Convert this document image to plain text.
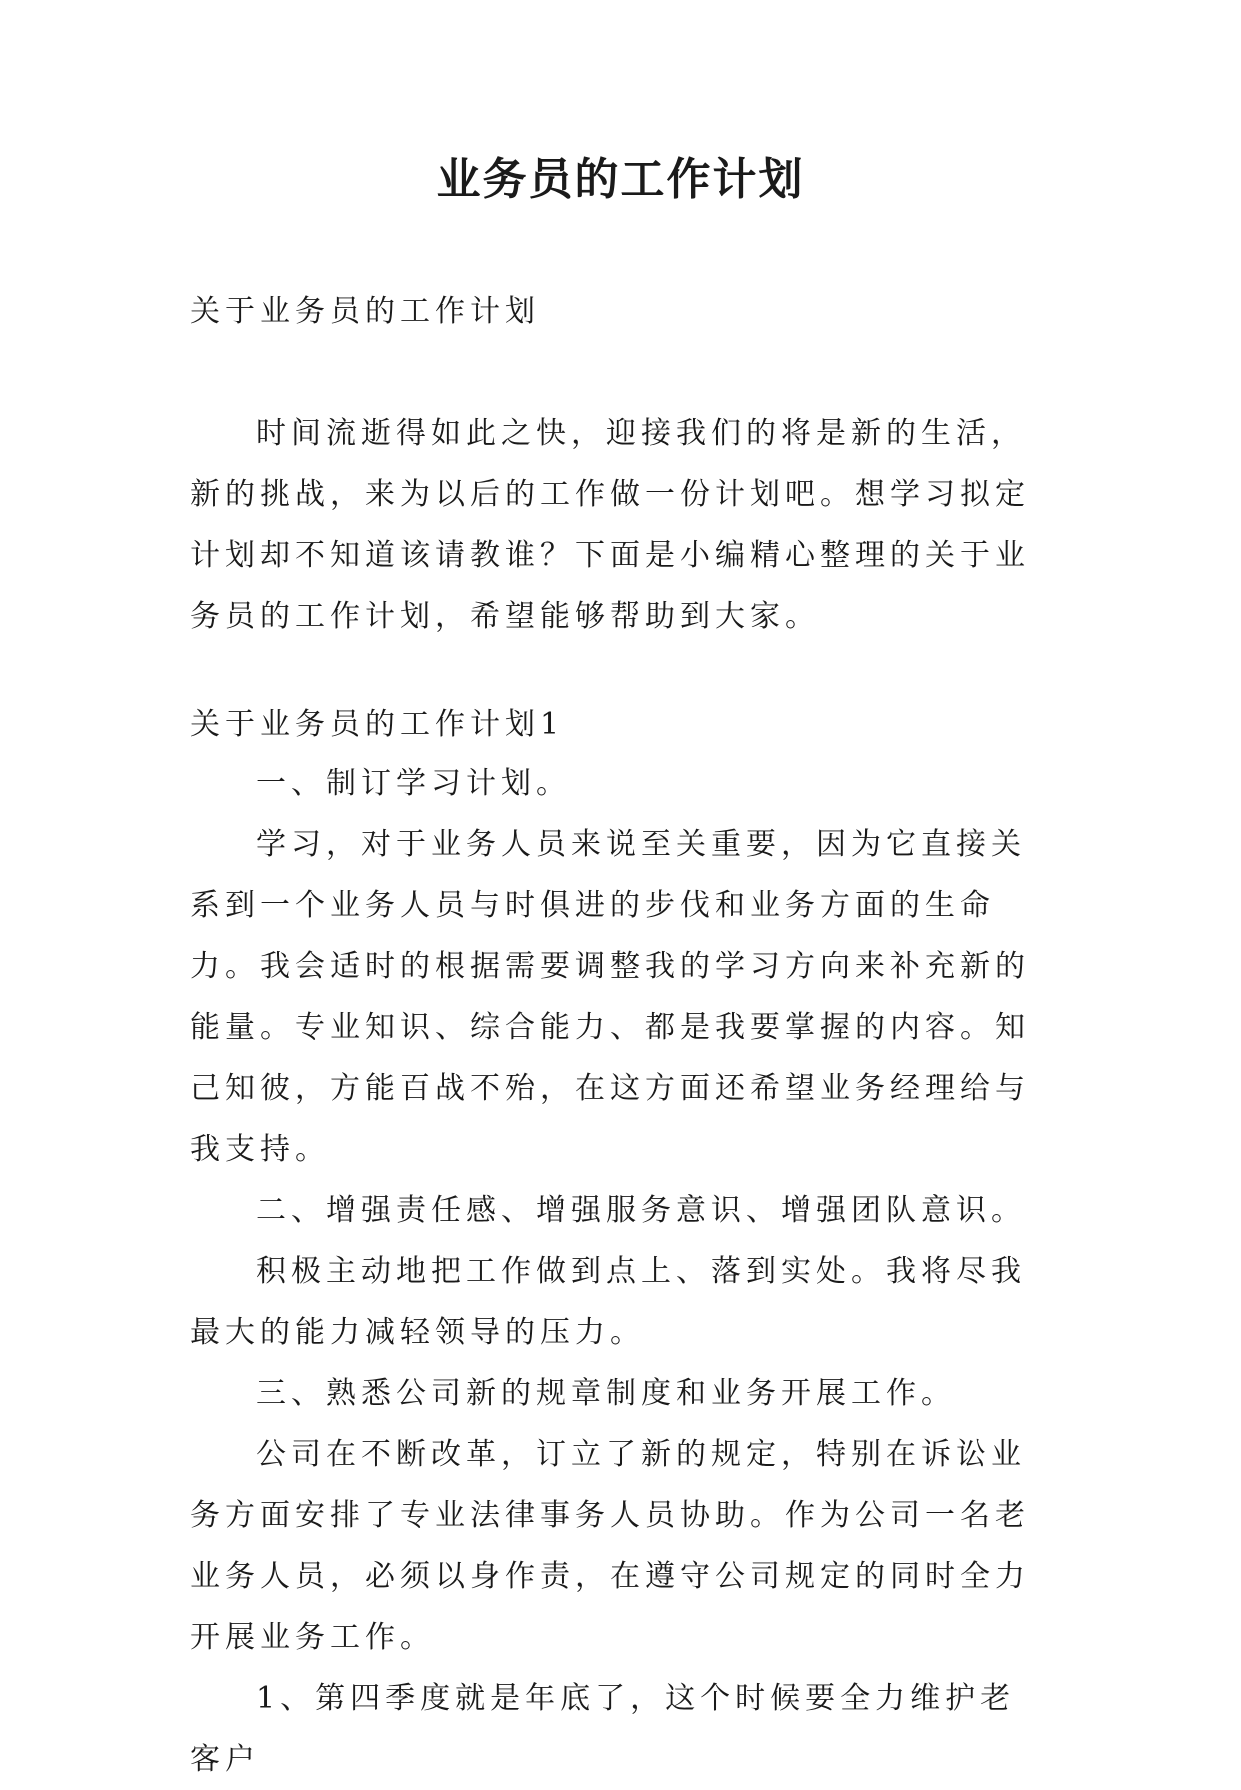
业务员的工作计划
关于业务员的工作计划

时间流逝得如此之快，迎接我们的将是新的生活，新的挑战，来为以后的工作做一份计划吧。想学习拟定计划却不知道该请教谁？下面是小编精心整理的关于业务员的工作计划，希望能够帮助到大家。

关于业务员的工作计划1

一、制订学习计划。

学习，对于业务人员来说至关重要，因为它直接关系到一个业务人员与时俱进的步伐和业务方面的生命力。我会适时的根据需要调整我的学习方向来补充新的能量。专业知识、综合能力、都是我要掌握的内容。知己知彼，方能百战不殆，在这方面还希望业务经理给与我支持。

二、增强责任感、增强服务意识、增强团队意识。

积极主动地把工作做到点上、落到实处。我将尽我最大的能力减轻领导的压力。

三、熟悉公司新的规章制度和业务开展工作。

公司在不断改革，订立了新的规定，特别在诉讼业务方面安排了专业法律事务人员协助。作为公司一名老业务人员，必须以身作责，在遵守公司规定的同时全力开展业务工作。

1、第四季度就是年底了，这个时候要全力维护老客户
